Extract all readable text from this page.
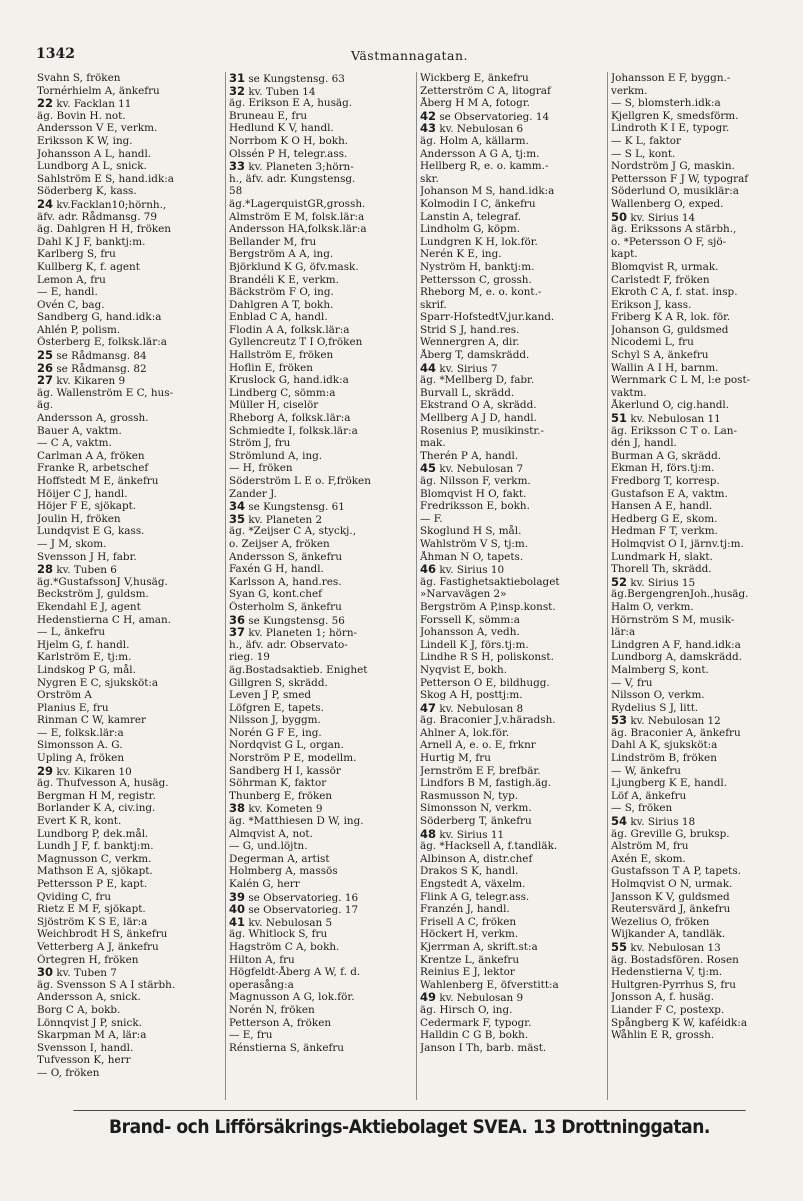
1342	Västmannagatan.
Svahn S, fröken
Tornérhielm A, änkefru
22 kv. Facklan 11
äg. Bovin H. not.
Andersson V E, verkm.
Eriksson K W, ing.
Johansson A L, handl.
Lundborg A L, snick.
Sahlström E S, hand.idk:a
Söderberg K, kass.
24 kv.Facklan10;hörnh.,
äfv. adr. Rådmansg. 79
äg. Dahlgren H H, fröken
Dahl K J F, banktj:m.
Karlberg S, fru
Kullberg K, f. agent
Lemon A, fru
— E, handl.
Ovén C, bag.
Sandberg G, hand.idk:a
Ahlén P, polism.
Österberg E, folksk.lär:a
25 se Rådmansg. 84
26 se Rådmansg. 82
27 kv. Kikaren 9
äg. Wallenström E C, hus-
äg.
Andersson A, grossh.
Bauer A, vaktm.
— C A, vaktm.
Carlman A A, fröken
Franke R, arbetschef
Hoffstedt M E, änkefru
Höijer C J, handl.
Höjer F E, sjökapt.
Joulin H, fröken
Lundqvist E G, kass.
— J M, skom.
Svensson J H, fabr.
28 kv. Tuben 6
äg.*GustafssonJ V,husäg.
Beckström J, guldsm.
Ekendahl E J, agent
Hedenstierna C H, aman.
— L, änkefru
Hjelm G, f. handl.
Karlström E, tj:m.
Lindskog P G, mål.
Nygren E C, sjuksköt:a
Orström A
Planius E, fru
Rinman C W, kamrer
— E, folksk.lär:a
Simonsson A. G.
Upling A, fröken
29 kv. Kikaren 10
äg. Thufvesson A, husäg.
Bergman H M, registr.
Borlander K A, civ.ing.
Evert K R, kont.
Lundborg P, dek.mål.
Lundh J F, f. banktj:m.
Magnusson C, verkm.
Mathson E A, sjökapt.
Pettersson P E, kapt.
Qviding C, fru
Rietz E M F, sjökapt.
Sjöström K S E, lär:a
Weichbrodt H S, änkefru
Vetterberg A J, änkefru
Örtegren H, fröken
30 kv. Tuben 7
äg. Svensson S A I stärbh.
Andersson A, snick.
Borg C A, bokb.
Lönnqvist J P, snick.
Skarpman M A, lär:a
Svensson I, handl.
Tufvesson K, herr
— O, fröken
31 se Kungstensg. 63
32 kv. Tuben 14
äg. Erikson E A, husäg.
Bruneau E, fru
Hedlund K V, handl.
Norrbom K O H, bokh.
Olssén P H, telegr.ass.
33 kv. Planeten 3;hörn-
h., äfv. adr. Kungstensg.
58
äg.*LagerquistGR,grossh.
Almström E M, folsk.lär:a
Andersson HA,folksk.lär:a
Bellander M, fru
Bergström A A, ing.
Björklund K G, öfv.mask.
Brandéli K E, verkm.
Bäckström F O, ing.
Dahlgren A T, bokh.
Enblad C A, handl.
Flodin A A, folksk.lär:a
Gyllencreutz T I O,fröken
Hallström E, fröken
Hoflin E, fröken
Kruslock G, hand.idk:a
Lindberg C, sömm:a
Müller H, ciselör
Rheborg A, folksk.lär:a
Schmiedte I, folksk.lär:a
Ström J, fru
Strömlund A, ing.
— H, fröken
Söderström L E o. F,fröken
Zander J.
34 se Kungstensg. 61
35 kv. Planeten 2
äg. *Zeijser C A, styckj.,
o. Zeijser A, fröken
Andersson S, änkefru
Faxén G H, handl.
Karlsson A, hand.res.
Syan G, kont.chef
Österholm S, änkefru
36 se Kungstensg. 56
37 kv. Planeten 1; hörn-
h., äfv. adr. Observato-
rieg. 19
äg.Bostadsaktieb. Enighet
Gillgren S, skrädd.
Leven J P, smed
Löfgren E, tapets.
Nilsson J, byggm.
Norén G F E, ing.
Nordqvist G L, organ.
Norström P E, modellm.
Sandberg H I, kassör
Söhrman K, faktor
Thunberg E, fröken
38 kv. Kometen 9
äg. *Matthiesen D W, ing.
Almqvist A, not.
— G, und.löjtn.
Degerman A, artist
Holmberg A, massös
Kalén G, herr
39 se Observatorieg. 16
40 se Observatorieg. 17
41 kv. Nebulosan 5
äg. Whitlock S, fru
Hagström C A, bokh.
Hilton A, fru
Högfeldt-Åberg A W, f. d.
operasång:a
Magnusson A G, lok.för.
Norén N, fröken
Petterson A, fröken
— E, fru
Rénstierna S, änkefru
Wickberg E, änkefru
Zetterström C A, litograf
Åberg H M A, fotogr.
42 se Observatorieg. 14
43 kv. Nebulosan 6
äg. Holm A, källarm.
Andersson A G A, tj:m.
Hellberg R, e. o. kamm.-
skr.
Johanson M S, hand.idk:a
Kolmodin I C, änkefru
Lanstin A, telegraf.
Lindholm G, köpm.
Lundgren K H, lok.för.
Nerén K E, ing.
Nyström H, banktj:m.
Pettersson C, grossh.
Rheborg M, e. o. kont.-
skrif.
Sparr-HofstedtV,jur.kand.
Strid S J, hand.res.
Wennergren A, dir.
Åberg T, damskrädd.
44 kv. Sirius 7
äg. *Mellberg D, fabr.
Burvall L, skrädd.
Ekstrand O A, skrädd.
Mellberg A J D, handl.
Rosenius P, musikinstr.-
mak.
Therén P A, handl.
45 kv. Nebulosan 7
äg. Nilsson F, verkm.
Blomqvist H O, fakt.
Fredriksson E, bokh.
— F.
Skoglund H S, mål.
Wahlström V S, tj:m.
Åhman N O, tapets.
46 kv. Sirius 10
äg. Fastighetsaktiebolaget
»Narvavägen 2»
Bergström A P,insp.konst.
Forssell K, sömm:a
Johansson A, vedh.
Lindell K J, förs.tj:m.
Lindhe R S H, poliskonst.
Nyqvist E, bokh.
Petterson O E, bildhugg.
Skog A H, posttj:m.
47 kv. Nebulosan 8
äg. Braconier J,v.häradsh.
Ahlner A, lok.för.
Arnell A, e. o. E, frknr
Hurtig M, fru
Jernström E F, brefbär.
Lindfors B M, fastigh.äg.
Rasmusson N, typ.
Simonsson N, verkm.
Söderberg T, änkefru
48 kv. Sirius 11
äg. *Hacksell A, f.tandläk.
Albinson A, distr.chef
Drakos S K, handl.
Engstedt A, växelm.
Flink A G, telegr.ass.
Franzén J, handl.
Frisell A C, fröken
Höckert H, verkm.
Kjerrman A, skrift.st:a
Krentze L, änkefru
Reinius E J, lektor
Wahlenberg E, öfverstitt:a
49 kv. Nebulosan 9
äg. Hirsch O, ing.
Cedermark F, typogr.
Halldin C G B, bokh.
Janson I Th, barb. mäst.
Johansson E F, byggn.-
verkm.
— S, blomsterh.idk:a
Kjellgren K, smedsförm.
Lindroth K I E, typogr.
— K L, faktor
— S L, kont.
Nordström J G, maskin.
Pettersson F J W, typograf
Söderlund O, musiklär:a
Wallenberg O, exped.
50 kv. Sirius 14
äg. Erikssons A stärbh.,
o. *Petersson O F, sjö-
kapt.
Blomqvist R, urmak.
Carlstedt F, fröken
Ekroth C A, f. stat. insp.
Erikson J, kass.
Friberg K A R, lok. för.
Johanson G, guldsmed
Nicodemi L, fru
Schyl S A, änkefru
Wallin A I H, barnm.
Wernmark C L M, l:e post-
vaktm.
Åkerlund O, cig.handl.
51 kv. Nebulosan 11
äg. Eriksson C T o. Lan-
dén J, handl.
Burman A G, skrädd.
Ekman H, förs.tj:m.
Fredborg T, korresp.
Gustafson E A, vaktm.
Hansen A E, handl.
Hedberg G E, skom.
Hedman F T, verkm.
Holmqvist O I, järnv.tj:m.
Lundmark H, slakt.
Thorell Th, skrädd.
52 kv. Sirius 15
äg.BergengrenJoh.,husäg.
Halm O, verkm.
Hörnström S M, musik-
lär:a
Lindgren A F, hand.idk:a
Lundborg A, damskrädd.
Malmberg S, kont.
— V, fru
Nilsson O, verkm.
Rydelius S J, litt.
53 kv. Nebulosan 12
äg. Braconier A, änkefru
Dahl A K, sjuksköt:a
Lindström B, fröken
— W, änkefru
Ljungberg K E, handl.
Löf A, änkefru
— S, fröken
54 kv. Sirius 18
äg. Greville G, bruksp.
Alström M, fru
Axén E, skom.
Gustafsson T A P, tapets.
Holmqvist O N, urmak.
Jansson K V, guldsmed
Reutersvärd J, änkefru
Wezelius O, fröken
Wijkander A, tandläk.
55 kv. Nebulosan 13
äg. Bostadsfören. Rosen
Hedenstierna V, tj:m.
Hultgren-Pyrrhus S, fru
Jonsson A, f. husäg.
Liander F C, postexp.
Spångberg K W, kaféidk:a
Wåhlin E R, grossh.
Brand- och Lifförsäkrings-Aktiebolaget SVEA. 13 Drottninggatan.
